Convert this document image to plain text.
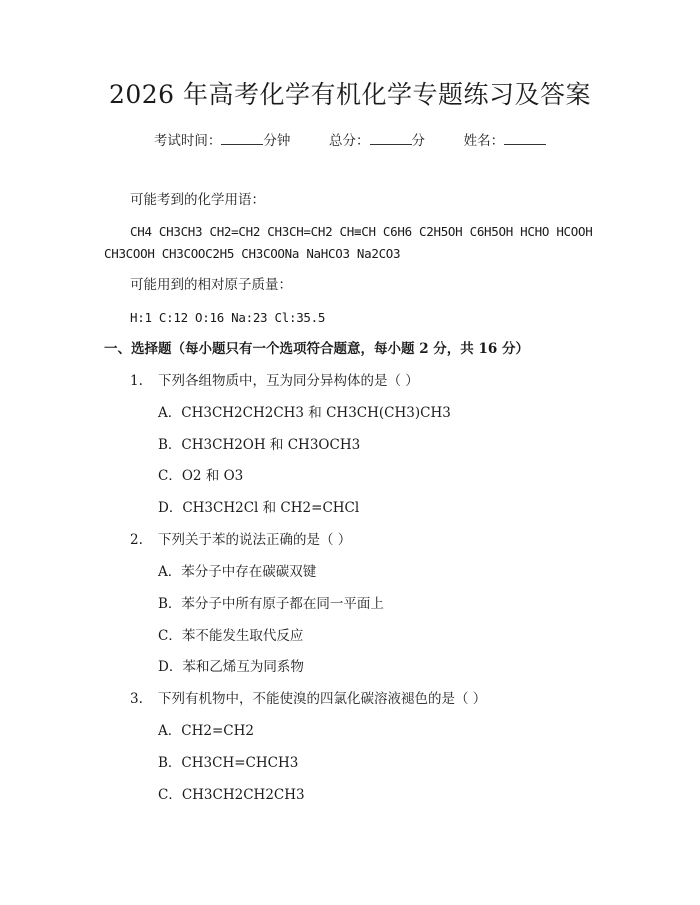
2026 年高考化学有机化学专题练习及答案
考试时间：	分钟	总分：	分	姓名：
可能考到的化学用语：
CH4 CH3CH3 CH2=CH2 CH3CH=CH2 CH≡CH C6H6 C2H5OH C6H5OH HCHO HCOOH
CH3COOH CH3COOC2H5 CH3COONa NaHCO3 Na2CO3
可能用到的相对原子质量：
H:1 C:12 O:16 Na:23 Cl:35.5
一、选择题（每小题只有一个选项符合题意，每小题 2 分，共 16 分）
1. 下列各组物质中，互为同分异构体的是（ ）
A．CH3CH2CH2CH3 和 CH3CH(CH3)CH3
B．CH3CH2OH 和 CH3OCH3
C．O2 和 O3
D．CH3CH2Cl 和 CH2=CHCl
2. 下列关于苯的说法正确的是（ ）
A．苯分子中存在碳碳双键
B．苯分子中所有原子都在同一平面上
C．苯不能发生取代反应
D．苯和乙烯互为同系物
3. 下列有机物中，不能使溴的四氯化碳溶液褪色的是（ ）
A．CH2=CH2
B．CH3CH=CHCH3
C．CH3CH2CH2CH3
